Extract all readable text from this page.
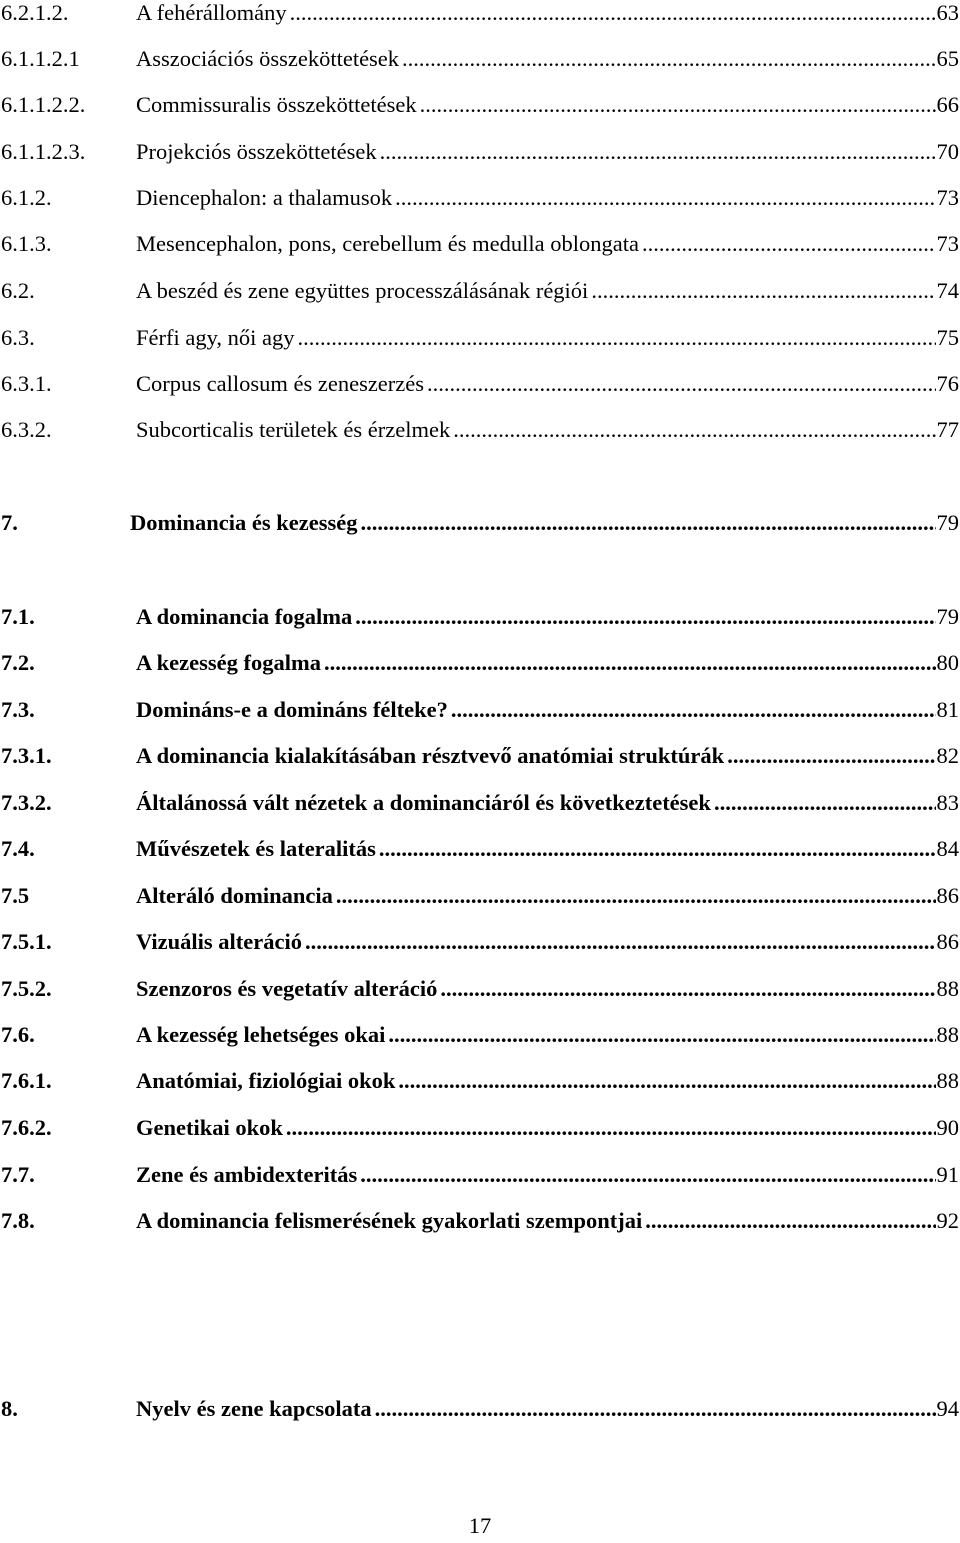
6.2.1.2.	A fehérállomány .....	63
6.1.1.2.1	Asszociációs összeköttetések .....	65
6.1.1.2.2.	Commissuralis összeköttetések .....	66
6.1.1.2.3.	Projekciós összeköttetések .....	70
6.1.2.	Diencephalon: a thalamusok .....	73
6.1.3.	Mesencephalon, pons, cerebellum és medulla oblongata .....	73
6.2.	A beszéd és zene együttes processzálásának régiói .....	74
6.3.	Férfi agy, női agy .....	75
6.3.1.	Corpus callosum és zeneszerzés .....	76
6.3.2.	Subcorticalis területek és érzelmek .....	77
7.	Dominancia és kezesség .....	79
7.1.	A dominancia fogalma .....	79
7.2.	A kezesség fogalma .....	80
7.3.	Domináns-e a domináns félteke? .....	81
7.3.1.	A dominancia kialakításában résztvevő anatómiai struktúrák .....	82
7.3.2.	Általánossá vált nézetek a dominanciáról és következtetések .....	83
7.4.	Művészetek és lateralitás .....	84
7.5	Alteráló dominancia .....	86
7.5.1.	Vizuális alteráció .....	86
7.5.2.	Szenzoros és vegetatív alteráció .....	88
7.6.	A kezesség lehetséges okai .....	88
7.6.1.	Anatómiai, fiziológiai okok .....	88
7.6.2.	Genetikai okok .....	90
7.7.	Zene és ambidexteritás .....	91
7.8.	A dominancia felismerésének gyakorlati szempontjai .....	92
8.	Nyelv és zene kapcsolata .....	94
17
